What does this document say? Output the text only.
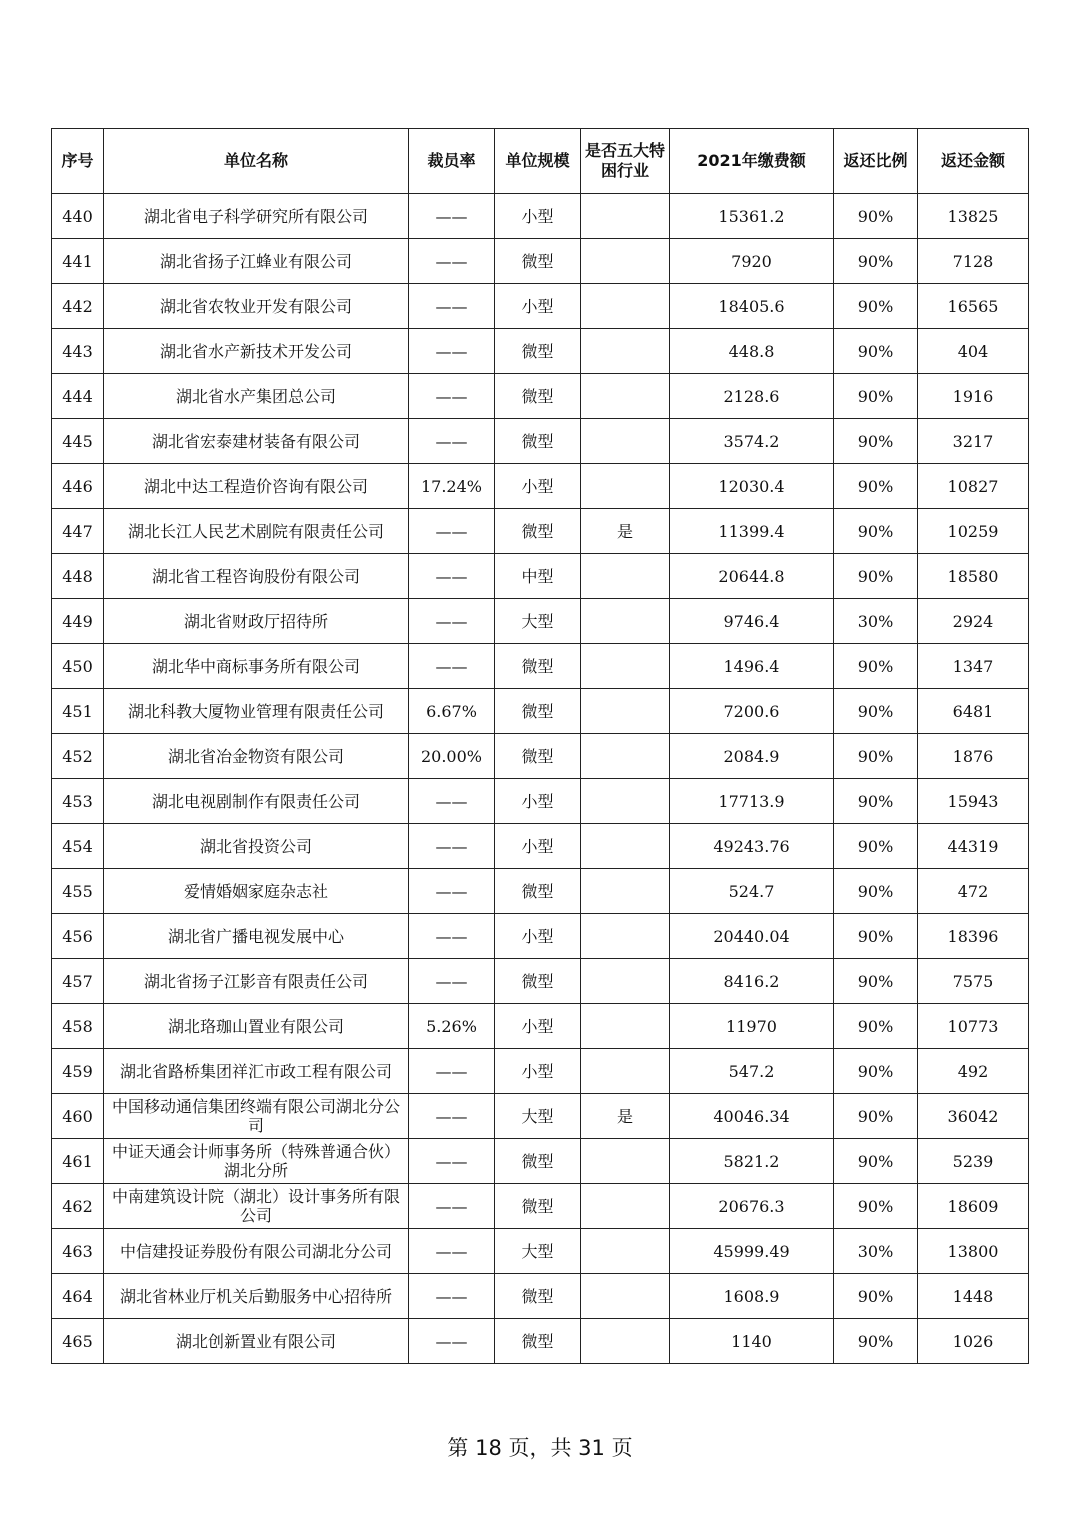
序号	单位名称	裁员率	单位规模	是否五大特困行业	2021年缴费额	返还比例	返还金额
440	湖北省电子科学研究所有限公司	——	小型		15361.2	90%	13825
441	湖北省扬子江蜂业有限公司	——	微型		7920	90%	7128
442	湖北省农牧业开发有限公司	——	小型		18405.6	90%	16565
443	湖北省水产新技术开发公司	——	微型		448.8	90%	404
444	湖北省水产集团总公司	——	微型		2128.6	90%	1916
445	湖北省宏泰建材装备有限公司	——	微型		3574.2	90%	3217
446	湖北中达工程造价咨询有限公司	17.24%	小型		12030.4	90%	10827
447	湖北长江人民艺术剧院有限责任公司	——	微型	是	11399.4	90%	10259
448	湖北省工程咨询股份有限公司	——	中型		20644.8	90%	18580
449	湖北省财政厅招待所	——	大型		9746.4	30%	2924
450	湖北华中商标事务所有限公司	——	微型		1496.4	90%	1347
451	湖北科教大厦物业管理有限责任公司	6.67%	微型		7200.6	90%	6481
452	湖北省冶金物资有限公司	20.00%	微型		2084.9	90%	1876
453	湖北电视剧制作有限责任公司	——	小型		17713.9	90%	15943
454	湖北省投资公司	——	小型		49243.76	90%	44319
455	爱情婚姻家庭杂志社	——	微型		524.7	90%	472
456	湖北省广播电视发展中心	——	小型		20440.04	90%	18396
457	湖北省扬子江影音有限责任公司	——	微型		8416.2	90%	7575
458	湖北珞珈山置业有限公司	5.26%	小型		11970	90%	10773
459	湖北省路桥集团祥汇市政工程有限公司	——	小型		547.2	90%	492
460	中国移动通信集团终端有限公司湖北分公司	——	大型	是	40046.34	90%	36042
461	中证天通会计师事务所（特殊普通合伙）湖北分所	——	微型		5821.2	90%	5239
462	中南建筑设计院（湖北）设计事务所有限公司	——	微型		20676.3	90%	18609
463	中信建投证券股份有限公司湖北分公司	——	大型		45999.49	30%	13800
464	湖北省林业厅机关后勤服务中心招待所	——	微型		1608.9	90%	1448
465	湖北创新置业有限公司	——	微型		1140	90%	1026
第 18 页，共 31 页
